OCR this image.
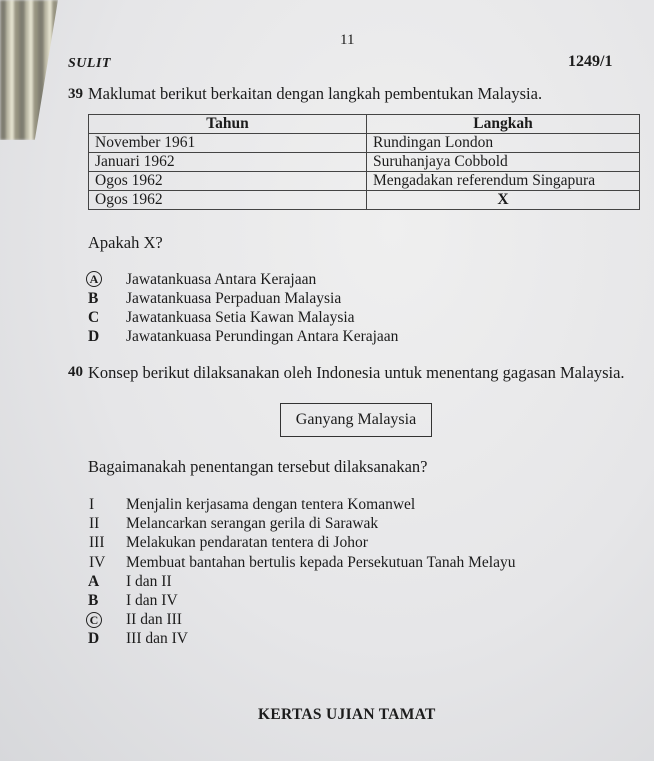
11
SULIT	1249/1
39 Maklumat berikut berkaitan dengan langkah pembentukan Malaysia.
Tahun	Langkah
November 1961	Rundingan London
Januari 1962	Suruhanjaya Cobbold
Ogos 1962	Mengadakan referendum Singapura
Ogos 1962	X
Apakah X?
A Jawatankuasa Antara Kerajaan
B Jawatankuasa Perpaduan Malaysia
C Jawatankuasa Setia Kawan Malaysia
D Jawatankuasa Perundingan Antara Kerajaan
40 Konsep berikut dilaksanakan oleh Indonesia untuk menentang gagasan Malaysia.
Ganyang Malaysia
Bagaimanakah penentangan tersebut dilaksanakan?
I Menjalin kerjasama dengan tentera Komanwel
II Melancarkan serangan gerila di Sarawak
III Melakukan pendaratan tentera di Johor
IV Membuat bantahan bertulis kepada Persekutuan Tanah Melayu
A I dan II
B I dan IV
C II dan III
D III dan IV
KERTAS UJIAN TAMAT
